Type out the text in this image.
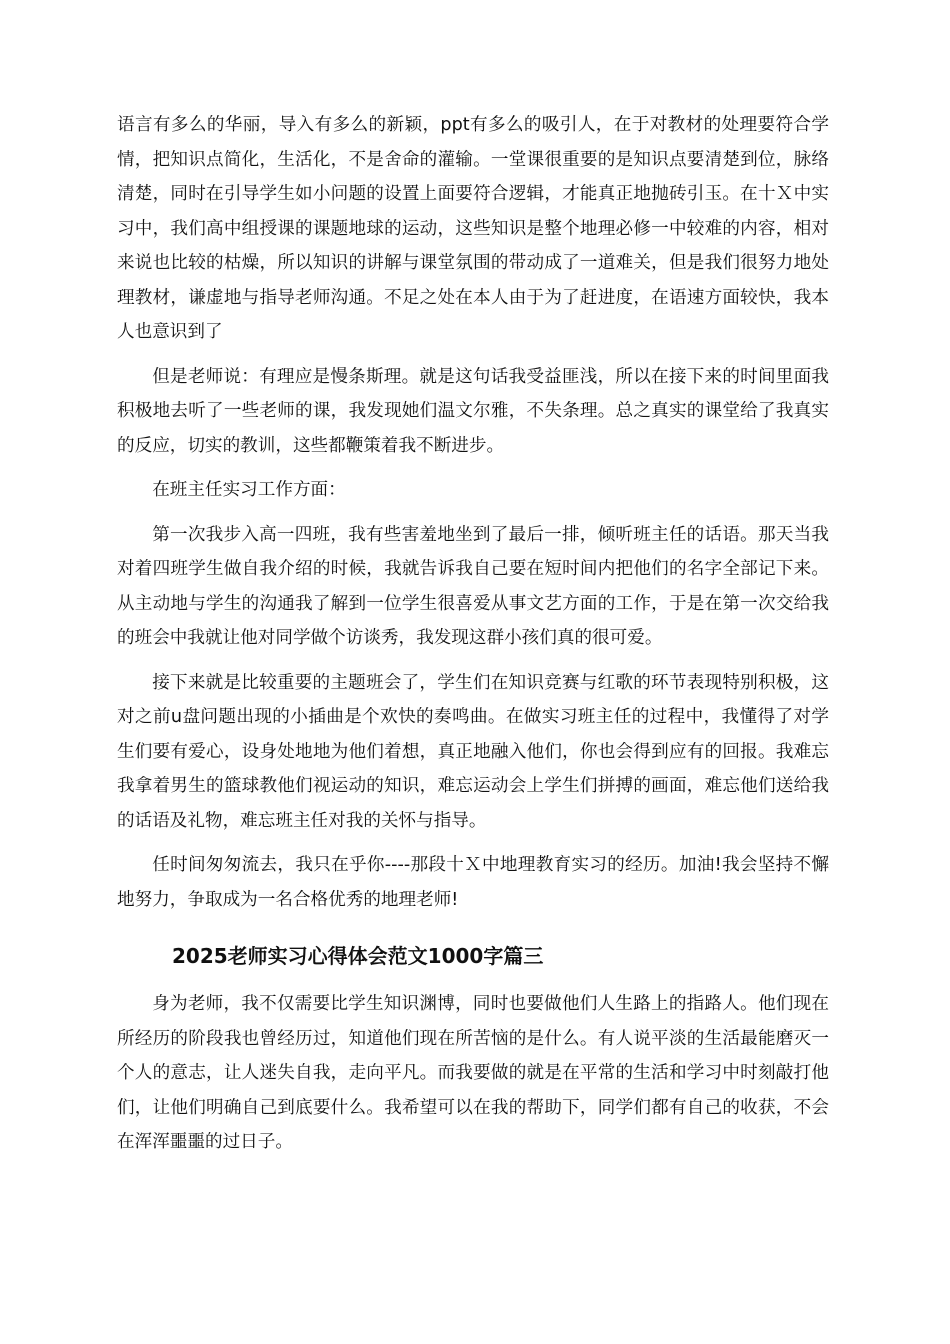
语言有多么的华丽，导入有多么的新颖，ppt有多么的吸引人，在于对教材的处理要符合学情，把知识点简化，生活化，不是舍命的灌输。一堂课很重要的是知识点要清楚到位，脉络清楚，同时在引导学生如小问题的设置上面要符合逻辑，才能真正地抛砖引玉。在十Ｘ中实习中，我们高中组授课的课题地球的运动，这些知识是整个地理必修一中较难的内容，相对来说也比较的枯燥，所以知识的讲解与课堂氛围的带动成了一道难关，但是我们很努力地处理教材，谦虚地与指导老师沟通。不足之处在本人由于为了赶进度，在语速方面较快，我本人也意识到了

但是老师说：有理应是慢条斯理。就是这句话我受益匪浅，所以在接下来的时间里面我积极地去听了一些老师的课，我发现她们温文尔雅，不失条理。总之真实的课堂给了我真实的反应，切实的教训，这些都鞭策着我不断进步。

在班主任实习工作方面：

第一次我步入高一四班，我有些害羞地坐到了最后一排，倾听班主任的话语。那天当我对着四班学生做自我介绍的时候，我就告诉我自己要在短时间内把他们的名字全部记下来。从主动地与学生的沟通我了解到一位学生很喜爱从事文艺方面的工作，于是在第一次交给我的班会中我就让他对同学做个访谈秀，我发现这群小孩们真的很可爱。

接下来就是比较重要的主题班会了，学生们在知识竞赛与红歌的环节表现特别积极，这对之前u盘问题出现的小插曲是个欢快的奏鸣曲。在做实习班主任的过程中，我懂得了对学生们要有爱心，设身处地地为他们着想，真正地融入他们，你也会得到应有的回报。我难忘我拿着男生的篮球教他们视运动的知识，难忘运动会上学生们拼搏的画面，难忘他们送给我的话语及礼物，难忘班主任对我的关怀与指导。

任时间匆匆流去，我只在乎你----那段十Ｘ中地理教育实习的经历。加油!我会坚持不懈地努力，争取成为一名合格优秀的地理老师!

2025老师实习心得体会范文1000字篇三

身为老师，我不仅需要比学生知识渊博，同时也要做他们人生路上的指路人。他们现在所经历的阶段我也曾经历过，知道他们现在所苦恼的是什么。有人说平淡的生活最能磨灭一个人的意志，让人迷失自我，走向平凡。而我要做的就是在平常的生活和学习中时刻敲打他们，让他们明确自己到底要什么。我希望可以在我的帮助下，同学们都有自己的收获，不会在浑浑噩噩的过日子。
